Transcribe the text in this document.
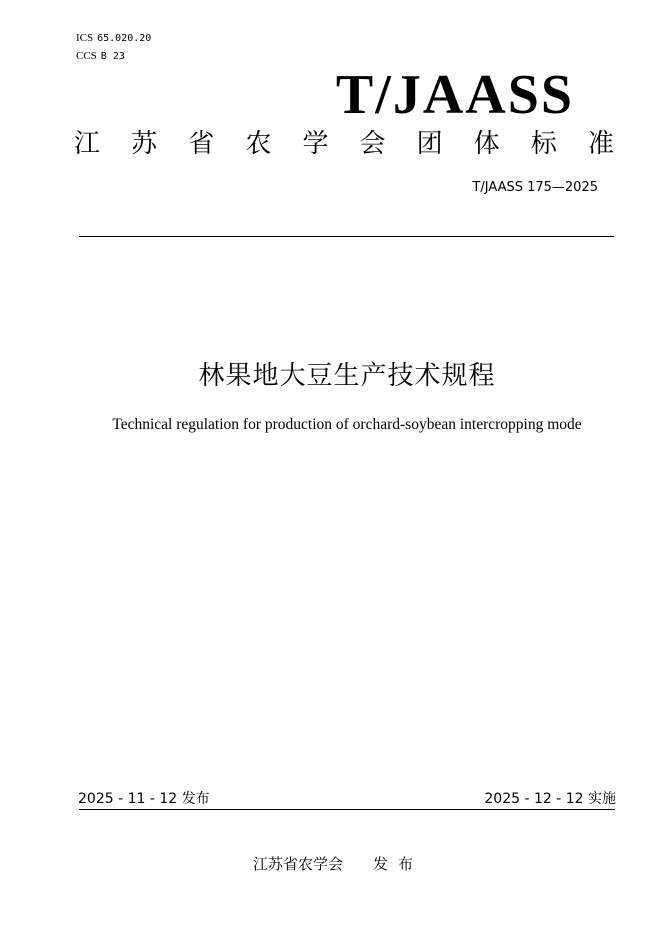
ICS 65.020.20
CCS B 23
T/JAASS
江 苏 省 农 学 会 团 体 标 准
T/JAASS 175—2025
林果地大豆生产技术规程
Technical regulation for production of orchard-soybean intercropping mode
2025 - 11 - 12 发布	2025 - 12 - 12 实施
江苏省农学会 发布
